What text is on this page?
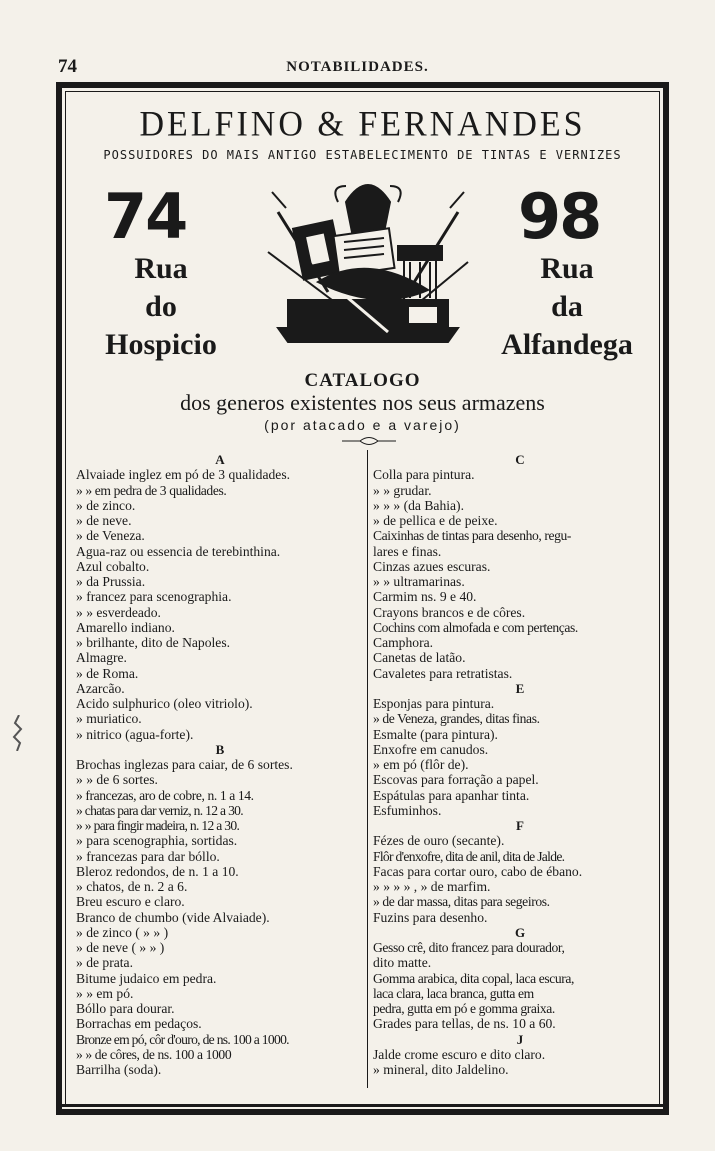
74	NOTABILIDADES.
DELFINO & FERNANDES
POSSUIDORES DO MAIS ANTIGO ESTABELECIMENTO DE TINTAS E VERNIZES
74
Rua
do
Hospicio
98
Rua
da
Alfandega
CATALOGO
dos generos existentes nos seus armazens
(por atacado e a varejo)
A
Alvaiade inglez em pó de 3 qualidades.
» » em pedra de 3 qualidades.
» de zinco.
» de neve.
» de Veneza.
Agua-raz ou essencia de terebinthina.
Azul cobalto.
» da Prussia.
» francez para scenographia.
» » esverdeado.
Amarello indiano.
» brilhante, dito de Napoles.
Almagre.
» de Roma.
Azarcão.
Acido sulphurico (oleo vitriolo).
» muriatico.
» nitrico (agua-forte).
B
Brochas inglezas para caiar, de 6 sortes.
» » de 6 sortes.
» francezas, aro de cobre, n. 1 a 14.
» chatas para dar verniz, n. 12 a 30.
» » para fingir madeira, n. 12 a 30.
» para scenographia, sortidas.
» francezas para dar bóllo.
Bleroz redondos, de n. 1 a 10.
» chatos, de n. 2 a 6.
Breu escuro e claro.
Branco de chumbo (vide Alvaiade).
» de zinco ( » » )
» de neve ( » » )
» de prata.
Bitume judaico em pedra.
» » em pó.
Bóllo para dourar.
Borrachas em pedaços.
Bronze em pó, côr d'ouro, de ns. 100 a 1000.
» » de côres, de ns. 100 a 1000
Barrilha (soda).
C
Colla para pintura.
» » grudar.
» » » (da Bahia).
» de pellica e de peixe.
Caixinhas de tintas para desenho, regu-
lares e finas.
Cinzas azues escuras.
» » ultramarinas.
Carmim ns. 9 e 40.
Crayons brancos e de côres.
Cochins com almofada e com pertenças.
Camphora.
Canetas de latão.
Cavaletes para retratistas.
E
Esponjas para pintura.
» de Veneza, grandes, ditas finas.
Esmalte (para pintura).
Enxofre em canudos.
» em pó (flôr de).
Escovas para forração a papel.
Espátulas para apanhar tinta.
Esfuminhos.
F
Fézes de ouro (secante).
Flôr d'enxofre, dita de anil, dita de Jalde.
Facas para cortar ouro, cabo de ébano.
» » » » , » de marfim.
» de dar massa, ditas para segeiros.
Fuzins para desenho.
G
Gesso crê, dito francez para dourador,
dito matte.
Gomma arabica, dita copal, laca escura,
laca clara, laca branca, gutta em
pedra, gutta em pó e gomma graixa.
Grades para tellas, de ns. 10 a 60.
J
Jalde crome escuro e dito claro.
» mineral, dito Jaldelino.
